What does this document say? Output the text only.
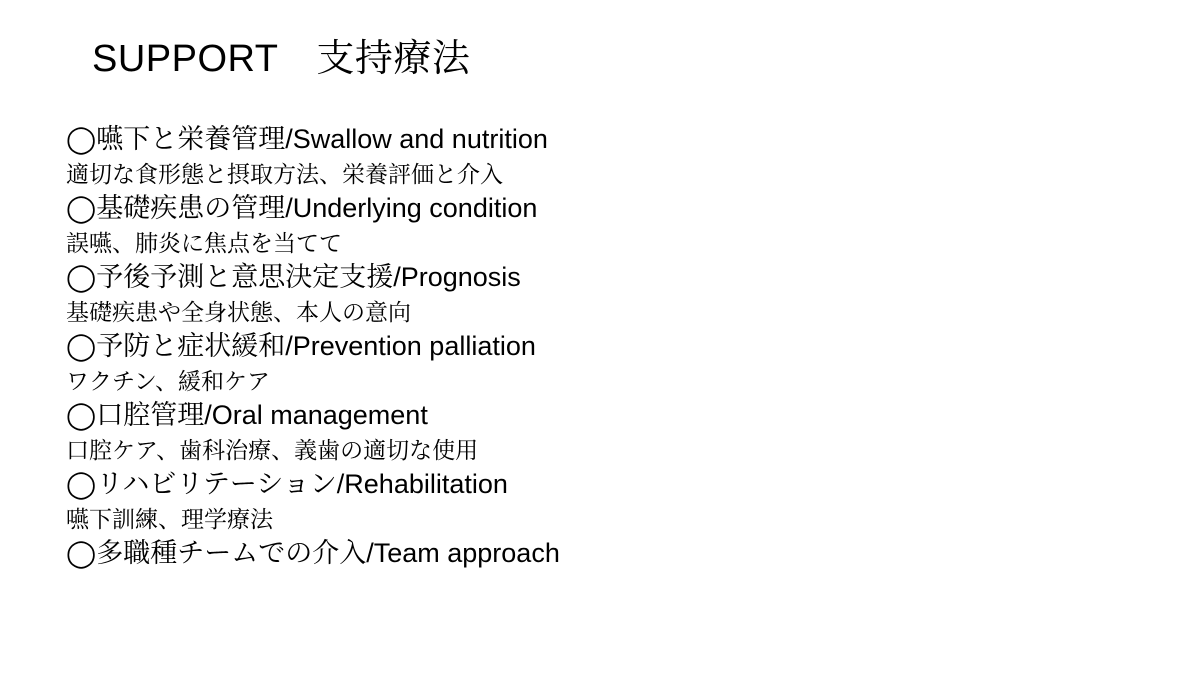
SUPPORT　支持療法
◯嚥下と栄養管理/Swallow and nutrition
適切な食形態と摂取方法、栄養評価と介入
◯基礎疾患の管理/Underlying condition
誤嚥、肺炎に焦点を当てて
◯予後予測と意思決定支援/Prognosis
基礎疾患や全身状態、本人の意向
◯予防と症状緩和/Prevention palliation
ワクチン、緩和ケア
◯口腔管理/Oral management
口腔ケア、歯科治療、義歯の適切な使用
◯リハビリテーション/Rehabilitation
嚥下訓練、理学療法
◯多職種チームでの介入/Team approach
